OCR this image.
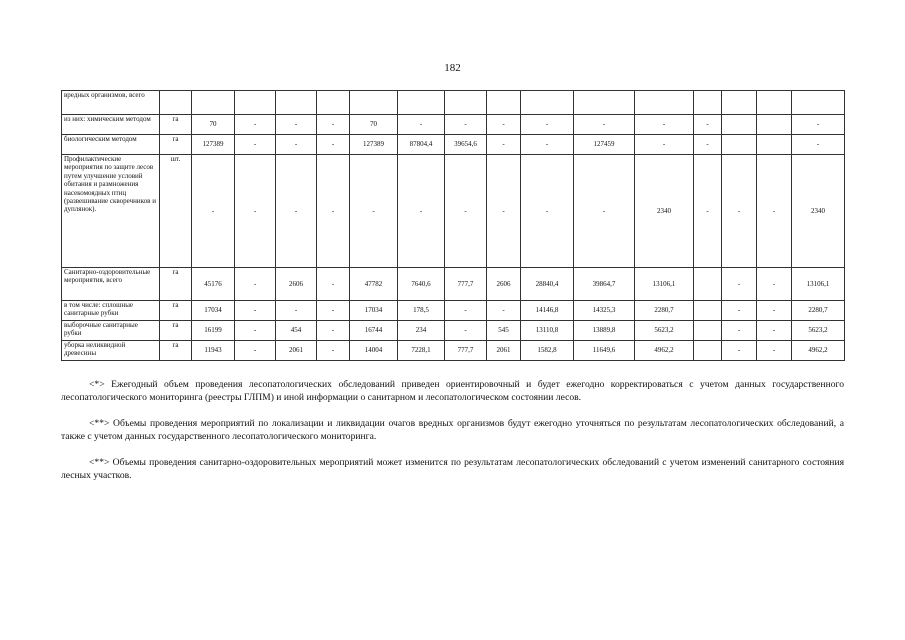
182
вредных организмов, всего																
из них: химическим методом	га	70	-	-	-	70	-	-	-	-	-	-	-			-
биологическим методом	га	127389	-	-	-	127389	87804,4	39654,6	-	-	127459	-	-			-
Профилактические мероприятия по защите лесов путем улучшение условий обитания и размножения насекомоядных птиц (развешивание скворечников и дуплянок).	шт.	-	-	-	-	-	-	-	-	-	-	2340	-	-	-	2340
Санитарно-оздоровительные мероприятия, всего	га	45176	-	2606	-	47782	7640,6	777,7	2606	28840,4	39864,7	13106,1		-	-	13106,1
в том числе: сплошные санитарные рубки	га	17034	-	-	-	17034	178,5	-	-	14146,8	14325,3	2280,7		-	-	2280,7
выборочные санитарные рубки	га	16199	-	454	-	16744	234	-	545	13110,8	13889,8	5623,2		-	-	5623,2
уборка неликвидной древесины	га	11943	-	2061	-	14004	7228,1	777,7	2061	1582,8	11649,6	4962,2		-	-	4962,2

<*> Ежегодный объем проведения лесопатологических обследований приведен ориентировочный и будет ежегодно корректироваться с учетом данных государственного лесопатологического мониторинга (реестры ГЛПМ) и иной информации о санитарном и лесопатологическом состоянии лесов.

<**> Объемы проведения мероприятий по локализации и ликвидации очагов вредных организмов будут ежегодно уточняться по результатам лесопатологических обследований, а также с учетом данных государственного лесопатологического мониторинга.

<**> Объемы проведения санитарно-оздоровительных мероприятий может изменится по результатам лесопатологических обследований с учетом изменений санитарного состояния лесных участков.
